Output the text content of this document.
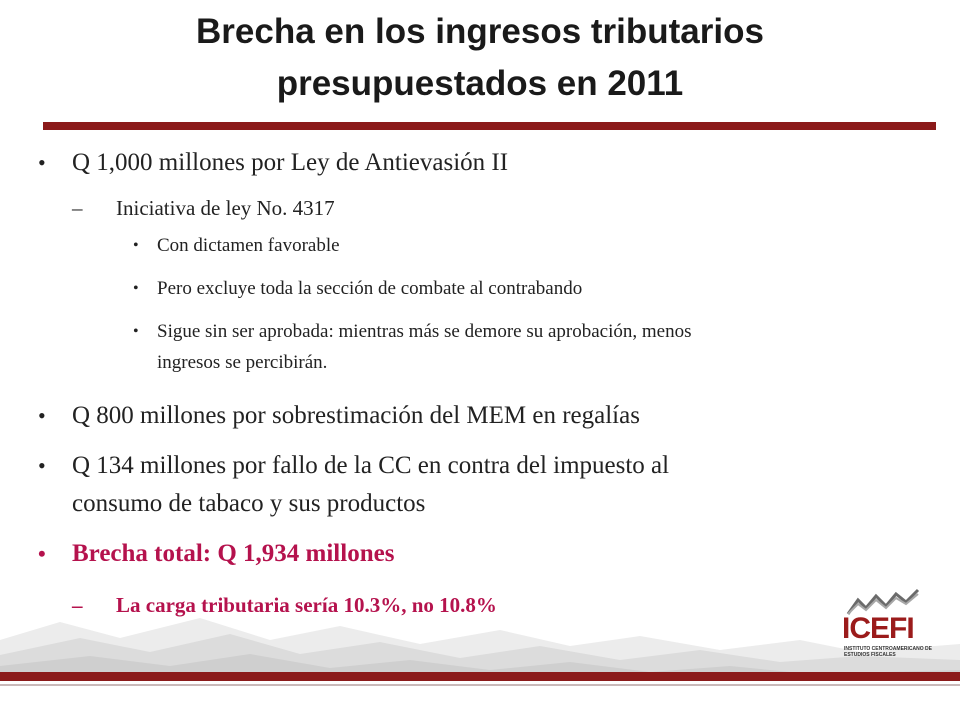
Brecha en los ingresos tributarios
presupuestados en 2011
• Q 1,000 millones por Ley de Antievasión II
– Iniciativa de ley No. 4317
• Con dictamen favorable
• Pero excluye toda la sección de combate al contrabando
• Sigue sin ser aprobada: mientras más se demore su aprobación, menos
ingresos se percibirán.
• Q 800 millones por sobrestimación del MEM en regalías
• Q 134 millones por fallo de la CC en contra del impuesto al
consumo de tabaco y sus productos
• Brecha total: Q 1,934 millones
– La carga tributaria sería 10.3%, no 10.8%
ICEFI
INSTITUTO CENTROAMERICANO DE ESTUDIOS FISCALES
